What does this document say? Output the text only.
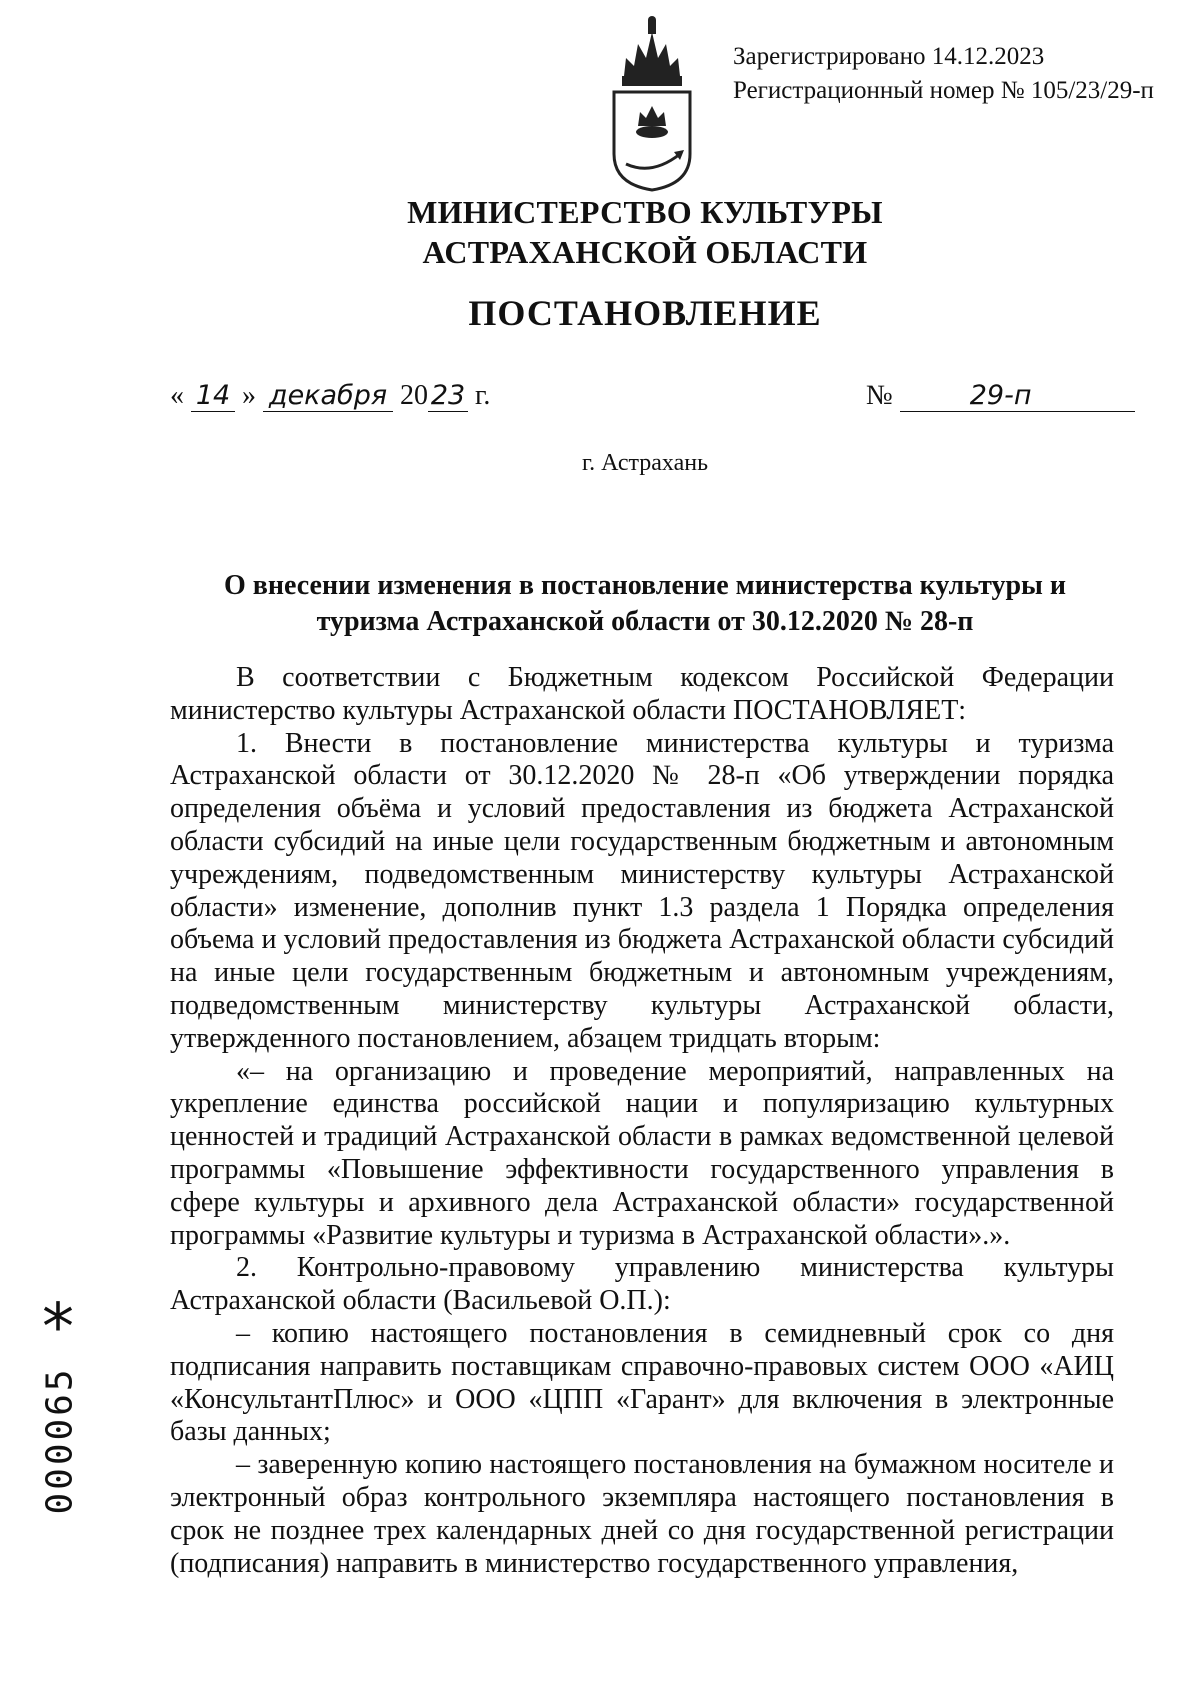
Зарегистрировано 14.12.2023
Регистрационный номер № 105/23/29-п
МИНИСТЕРСТВО КУЛЬТУРЫ
АСТРАХАНСКОЙ ОБЛАСТИ
ПОСТАНОВЛЕНИЕ
« 14 » декабря 20 23 г.	№	29-п
г. Астрахань
О внесении изменения в постановление министерства культуры и
туризма Астраханской области от 30.12.2020 № 28-п

В соответствии с Бюджетным кодексом Российской Федерации министерство культуры Астраханской области ПОСТАНОВЛЯЕТ:

1. Внести в постановление министерства культуры и туризма Астраханской области от 30.12.2020 № 28-п «Об утверждении порядка определения объёма и условий предоставления из бюджета Астраханской области субсидий на иные цели государственным бюджетным и автономным учреждениям, подведомственным министерству культуры Астраханской области» изменение, дополнив пункт 1.3 раздела 1 Порядка определения объема и условий предоставления из бюджета Астраханской области субсидий на иные цели государственным бюджетным и автономным учреждениям, подведомственным министерству культуры Астраханской области, утвержденного постановлением, абзацем тридцать вторым:

«– на организацию и проведение мероприятий, направленных на укрепление единства российской нации и популяризацию культурных ценностей и традиций Астраханской области в рамках ведомственной целевой программы «Повышение эффективности государственного управления в сфере культуры и архивного дела Астраханской области» государственной программы «Развитие культуры и туризма в Астраханской области».».

2. Контрольно-правовому управлению министерства культуры Астраханской области (Васильевой О.П.):

– копию настоящего постановления в семидневный срок со дня подписания направить поставщикам справочно-правовых систем ООО «АИЦ «КонсультантПлюс» и ООО «ЦПП «Гарант» для включения в электронные базы данных;

– заверенную копию настоящего постановления на бумажном носителе и электронный образ контрольного экземпляра настоящего постановления в срок не позднее трех календарных дней со дня государственной регистрации (подписания) направить в министерство государственного управления,

*
000065
